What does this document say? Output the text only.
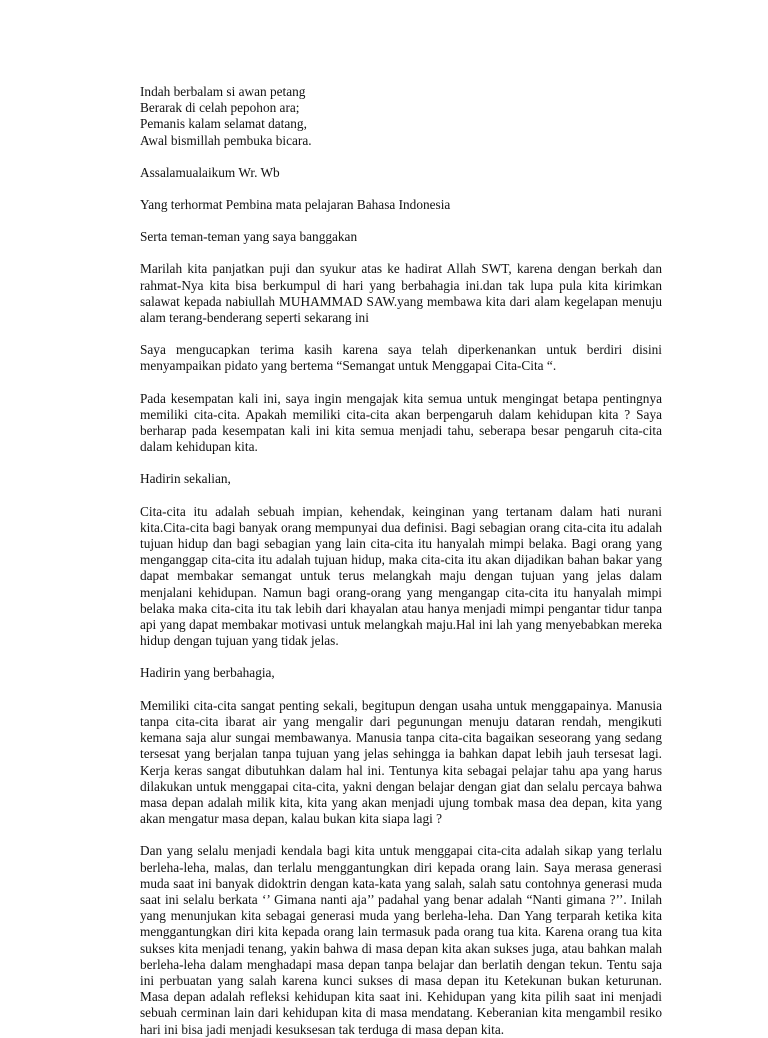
Indah berbalam si awan petang
Berarak di celah pepohon ara;
Pemanis kalam selamat datang,
Awal bismillah pembuka bicara.

Assalamualaikum Wr. Wb

Yang terhormat Pembina mata pelajaran Bahasa Indonesia

Serta teman-teman yang saya banggakan

Marilah kita panjatkan puji dan syukur atas ke hadirat Allah SWT, karena dengan berkah dan rahmat-Nya kita bisa berkumpul di hari yang berbahagia ini.dan tak lupa pula kita kirimkan salawat kepada nabiullah MUHAMMAD SAW.yang membawa kita dari alam kegelapan menuju alam terang-benderang seperti sekarang ini

Saya mengucapkan terima kasih karena saya telah diperkenankan untuk berdiri disini menyampaikan pidato yang bertema “Semangat untuk Menggapai Cita-Cita “.

Pada kesempatan kali ini, saya ingin mengajak kita semua untuk mengingat betapa pentingnya memiliki cita-cita. Apakah memiliki cita-cita akan berpengaruh dalam kehidupan kita ? Saya berharap pada kesempatan kali ini kita semua menjadi tahu, seberapa besar pengaruh cita-cita dalam kehidupan kita.

Hadirin sekalian,

Cita-cita itu adalah sebuah impian, kehendak, keinginan yang tertanam dalam hati nurani kita.Cita-cita bagi banyak orang mempunyai dua definisi. Bagi sebagian orang cita-cita itu adalah tujuan hidup dan bagi sebagian yang lain cita-cita itu hanyalah mimpi belaka. Bagi orang yang menganggap cita-cita itu adalah tujuan hidup, maka cita-cita itu akan dijadikan bahan bakar yang dapat membakar semangat untuk terus melangkah maju dengan tujuan yang jelas dalam menjalani kehidupan. Namun bagi orang-orang yang mengangap cita-cita itu hanyalah mimpi belaka maka cita-cita itu tak lebih dari khayalan atau hanya menjadi mimpi pengantar tidur tanpa api yang dapat membakar motivasi untuk melangkah maju.Hal ini lah yang menyebabkan mereka hidup dengan tujuan yang tidak jelas.

Hadirin yang berbahagia,

Memiliki cita-cita sangat penting sekali, begitupun dengan usaha untuk menggapainya. Manusia tanpa cita-cita ibarat air yang mengalir dari pegunungan menuju dataran rendah, mengikuti kemana saja alur sungai membawanya. Manusia tanpa cita-cita bagaikan seseorang yang sedang tersesat yang berjalan tanpa tujuan yang jelas sehingga ia bahkan dapat lebih jauh tersesat lagi. Kerja keras sangat dibutuhkan dalam hal ini. Tentunya kita sebagai pelajar tahu apa yang harus dilakukan untuk menggapai cita-cita, yakni dengan belajar dengan giat dan selalu percaya bahwa masa depan adalah milik kita, kita yang akan menjadi ujung tombak masa dea depan, kita yang akan mengatur masa depan, kalau bukan kita siapa lagi ?

Dan yang selalu menjadi kendala bagi kita untuk menggapai cita-cita adalah sikap yang terlalu berleha-leha, malas, dan terlalu menggantungkan diri kepada orang lain. Saya merasa generasi muda saat ini banyak didoktrin dengan kata-kata yang salah, salah satu contohnya generasi muda saat ini selalu berkata ‘’ Gimana nanti aja’’ padahal yang benar adalah “Nanti gimana ?’’. Inilah yang menunjukan kita sebagai generasi muda yang berleha-leha. Dan Yang terparah ketika kita menggantungkan diri kita kepada orang lain termasuk pada orang tua kita. Karena orang tua kita sukses kita menjadi tenang, yakin bahwa di masa depan kita akan sukses juga, atau bahkan malah berleha-leha dalam menghadapi masa depan tanpa belajar dan berlatih dengan tekun. Tentu saja ini perbuatan yang salah karena kunci sukses di masa depan itu Ketekunan bukan keturunan. Masa depan adalah refleksi kehidupan kita saat ini. Kehidupan yang kita pilih saat ini menjadi sebuah cerminan lain dari kehidupan kita di masa mendatang. Keberanian kita mengambil resiko hari ini bisa jadi menjadi kesuksesan tak terduga di masa depan kita.
